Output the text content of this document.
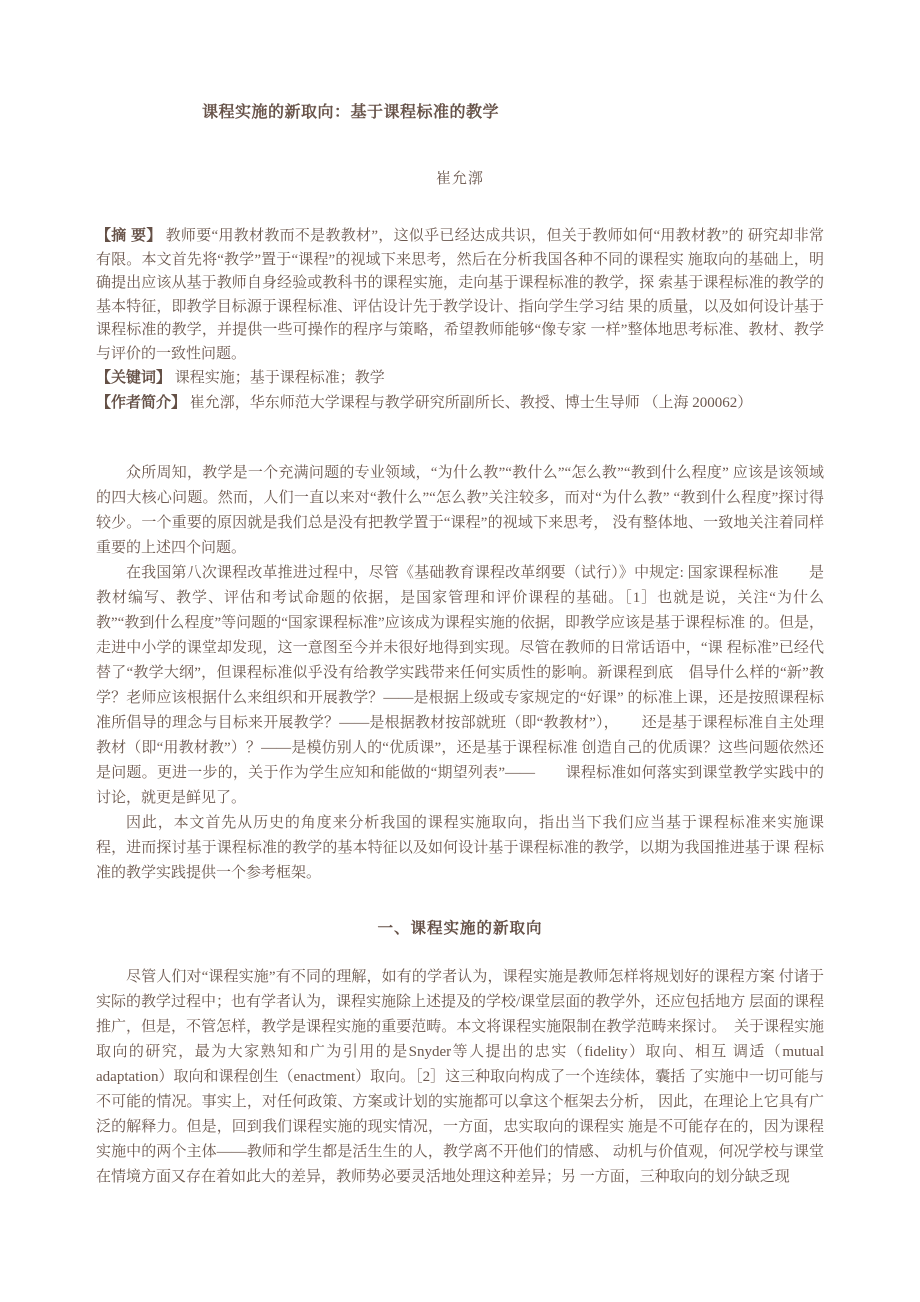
课程实施的新取向：基于课程标准的教学
崔允漷

【摘 要】 教师要“用教材教而不是教教材”，这似乎已经达成共识，但关于教师如何“用教材教”的 研究却非常有限。本文首先将“教学”置于“课程”的视域下来思考，然后在分析我国各种不同的课程实 施取向的基础上，明确提出应该从基于教师自身经验或教科书的课程实施，走向基于课程标准的教学，探 索基于课程标准的教学的基本特征，即教学目标源于课程标准、评估设计先于教学设计、指向学生学习结 果的质量，以及如何设计基于课程标准的教学，并提供一些可操作的程序与策略，希望教师能够“像专家 一样”整体地思考标准、教材、教学与评价的一致性问题。

【关键词】 课程实施；基于课程标准；教学

【作者简介】 崔允漷，华东师范大学课程与教学研究所副所长、教授、博士生导师 （上海 200062）

众所周知，教学是一个充满问题的专业领域，“为什么教”“教什么”“怎么教”“教到什么程度” 应该是该领域的四大核心问题。然而，人们一直以来对“教什么”“怎么教”关注较多，而对“为什么教” “教到什么程度”探讨得较少。一个重要的原因就是我们总是没有把教学置于“课程”的视域下来思考， 没有整体地、一致地关注着同样重要的上述四个问题。

在我国第八次课程改革推进过程中，尽管《基础教育课程改革纲要（试行）》中规定: 国家课程标准　　是教材编写、教学、评估和考试命题的依据，是国家管理和评价课程的基础。［1］也就是说，关注“为什么 教”“教到什么程度”等问题的“国家课程标准”应该成为课程实施的依据，即教学应该是基于课程标准 的。但是，走进中小学的课堂却发现，这一意图至今并未很好地得到实现。尽管在教师的日常话语中，“课 程标准”已经代替了“教学大纲”，但课程标准似乎没有给教学实践带来任何实质性的影响。新课程到底　倡导什么样的“新”教学？老师应该根据什么来组织和开展教学？——是根据上级或专家规定的“好课” 的标准上课，还是按照课程标准所倡导的理念与目标来开展教学？——是根据教材按部就班（即“教教材”），　　还是基于课程标准自主处理教材（即“用教材教”）？——是模仿别人的“优质课”，还是基于课程标准 创造自己的优质课？这些问题依然还是问题。更进一步的，关于作为学生应知和能做的“期望列表”——　　课程标准如何落实到课堂教学实践中的讨论，就更是鲜见了。

因此，本文首先从历史的角度来分析我国的课程实施取向，指出当下我们应当基于课程标准来实施课　　程，进而探讨基于课程标准的教学的基本特征以及如何设计基于课程标准的教学，以期为我国推进基于课 程标准的教学实践提供一个参考框架。

一、课程实施的新取向

尽管人们对“课程实施”有不同的理解，如有的学者认为，课程实施是教师怎样将规划好的课程方案 付诸于实际的教学过程中；也有学者认为，课程实施除上述提及的学校/课堂层面的教学外，还应包括地方 层面的课程推广，但是，不管怎样，教学是课程实施的重要范畴。本文将课程实施限制在教学范畴来探讨。　关于课程实施取向的研究，最为大家熟知和广为引用的是Snyder等人提出的忠实（fidelity）取向、相互 调适（mutual adaptation）取向和课程创生（enactment）取向。［2］这三种取向构成了一个连续体，囊括 了实施中一切可能与不可能的情况。事实上，对任何政策、方案或计划的实施都可以拿这个框架去分析， 因此，在理论上它具有广泛的解释力。但是，回到我们课程实施的现实情况，一方面，忠实取向的课程实 施是不可能存在的，因为课程实施中的两个主体——教师和学生都是活生生的人，教学离不开他们的情感、 动机与价值观，何况学校与课堂在情境方面又存在着如此大的差异，教师势必要灵活地处理这种差异；另 一方面，三种取向的划分缺乏现
